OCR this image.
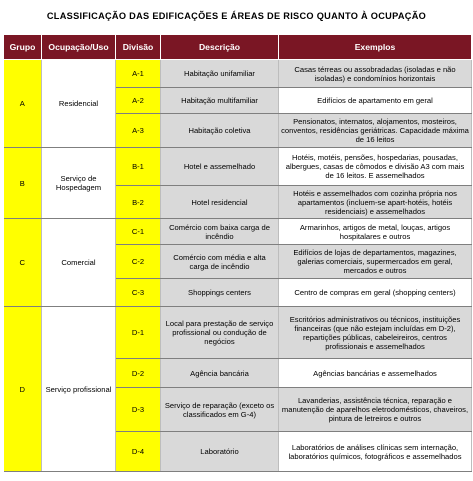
CLASSIFICAÇÃO DAS EDIFICAÇÕES E ÁREAS DE RISCO QUANTO À OCUPAÇÃO
Grupo	Ocupação/Uso	Divisão	Descrição	Exemplos
A	Residencial	A-1	Habitação unifamiliar	Casas térreas ou assobradadas (isoladas e não isoladas) e condomínios horizontais
		A-2	Habitação multifamiliar	Edifícios de apartamento em geral
		A-3	Habitação coletiva	Pensionatos, internatos, alojamentos, mosteiros, conventos, residências geriátricas. Capacidade máxima de 16 leitos
B	Serviço de Hospedagem	B-1	Hotel e assemelhado	Hotéis, motéis, pensões, hospedarias, pousadas, albergues, casas de cômodos e divisão A3 com mais de 16 leitos. E assemelhados
		B-2	Hotel residencial	Hotéis e assemelhados com cozinha própria nos apartamentos (incluem-se apart-hotéis, hotéis residenciais) e assemelhados
C	Comercial	C-1	Comércio com baixa carga de incêndio	Armarinhos, artigos de metal, louças, artigos hospitalares e outros
		C-2	Comércio com média e alta carga de incêndio	Edifícios de lojas de departamentos, magazines, galerias comerciais, supermercados em geral, mercados e outros
		C-3	Shoppings centers	Centro de compras em geral (shopping centers)
D	Serviço profissional	D-1	Local para prestação de serviço profissional ou condução de negócios	Escritórios administrativos ou técnicos, instituições financeiras (que não estejam incluídas em D-2), repartições públicas, cabeleireiros, centros profissionais e assemelhados
		D-2	Agência bancária	Agências bancárias e assemelhados
		D-3	Serviço de reparação (exceto os classificados em G-4)	Lavanderias, assistência técnica, reparação e manutenção de aparelhos eletrodomésticos, chaveiros, pintura de letreiros e outros
		D-4	Laboratório	Laboratórios de análises clínicas sem internação, laboratórios químicos, fotográficos e assemelhados
